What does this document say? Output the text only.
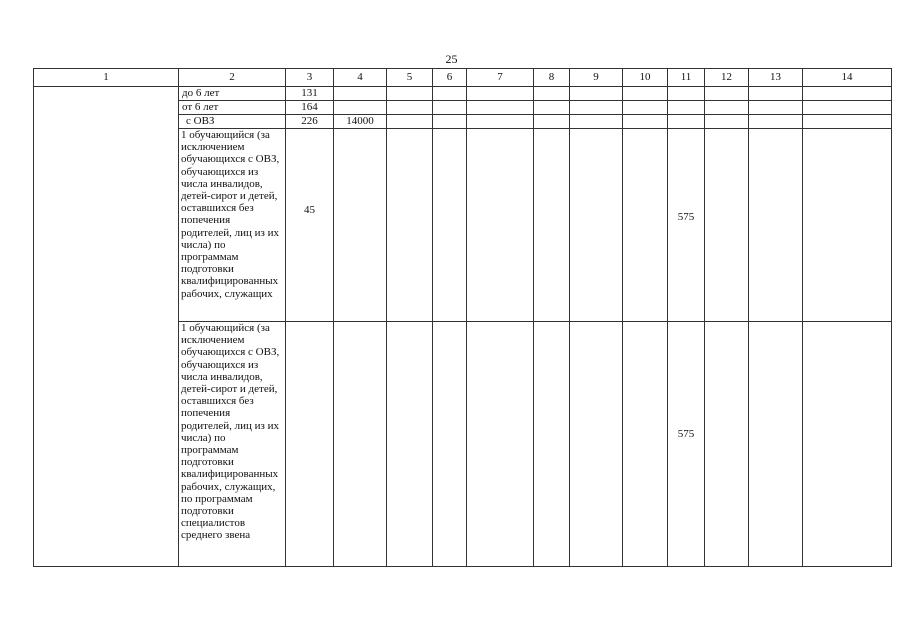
25
1	2	3	4	5	6	7	8	9	10	11	12	13	14
	до 6 лет	131											
	от 6 лет	164											
	с ОВЗ	226	14000										
	1 обучающийся (за исключением обучающихся с ОВЗ, обучающихся из числа инвалидов, детей-сирот и детей, оставшихся без попечения родителей, лиц из их числа) по программам подготовки квалифицированных рабочих, служащих	45								575			

	1 обучающийся (за исключением обучающихся с ОВЗ, обучающихся из числа инвалидов, детей-сирот и детей, оставшихся без попечения родителей, лиц из их числа) по программам подготовки квалифицированных рабочих, служащих, по программам подготовки специалистов среднего звена									575			
